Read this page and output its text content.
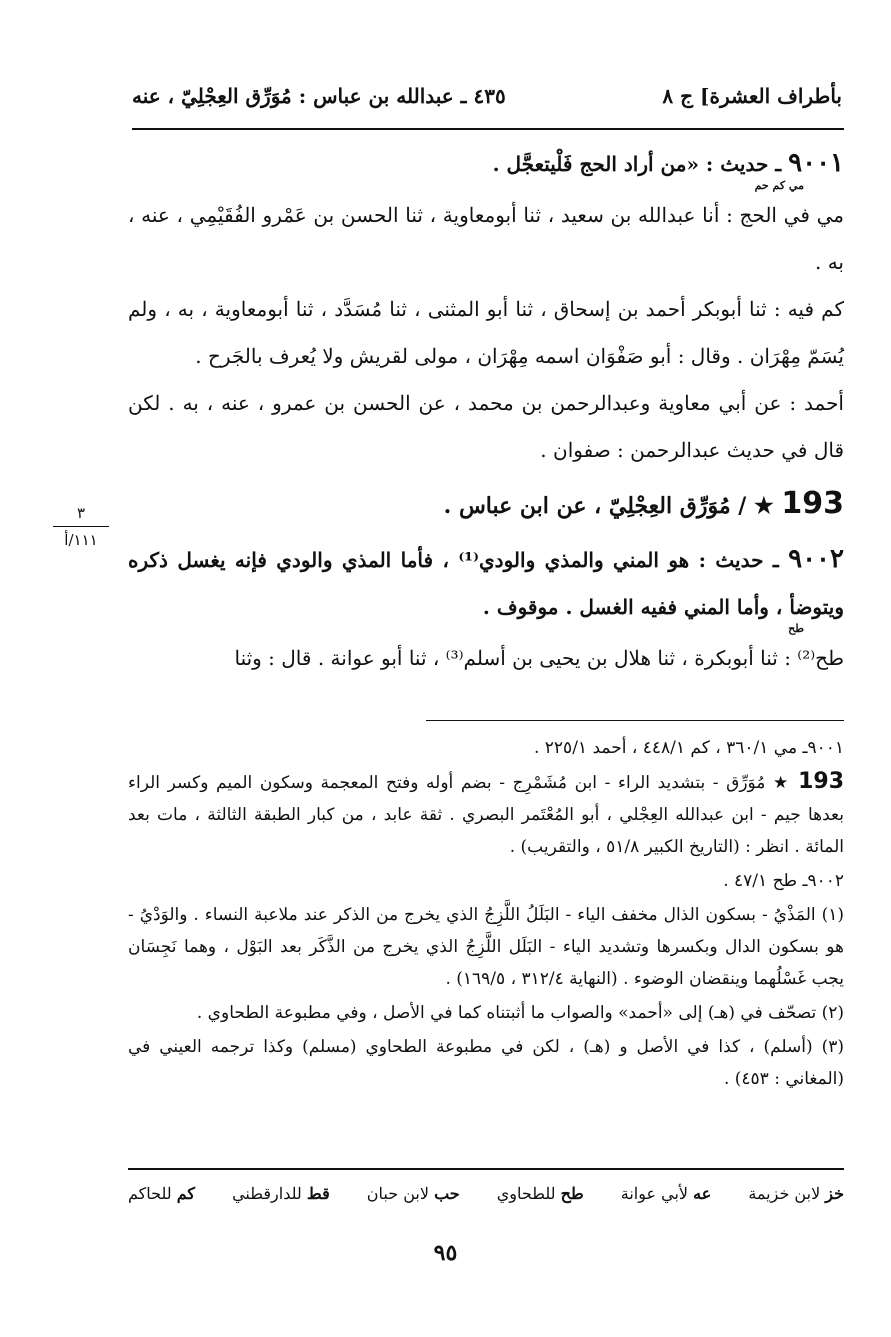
بأطراف العشرة] ج ٨
٤٣٥ ـ عبدالله بن عباس : مُوَرِّق العِجْلِيّ ، عنه

٩٠٠١ ـ حديث : «من أراد الحج فَلْيتعجَّل .
مي كم حم

مي في الحج : أنا عبدالله بن سعيد ، ثنا أبومعاوية ، ثنا الحسن بن عَمْرو الفُقَيْمِي ، عنه ، به .

كم فيه : ثنا أبوبكر أحمد بن إسحاق ، ثنا أبو المثنى ، ثنا مُسَدَّد ، ثنا أبومعاوية ، به ، ولم يُسَمّ مِهْرَان . وقال : أبو صَفْوَان اسمه مِهْرَان ، مولى لقريش ولا يُعرف بالجَرح .

أحمد : عن أبي معاوية وعبدالرحمن بن محمد ، عن الحسن بن عمرو ، عنه ، به . لكن قال في حديث عبدالرحمن : صفوان .

193 ★ / مُوَرِّق العِجْلِيّ ، عن ابن عباس .

٩٠٠٢ ـ حديث : هو المني والمذي والودي⁽¹⁾ ، فأما المذي والودي فإنه يغسل ذكره ويتوضأ ، وأما المني ففيه الغسل . موقوف .
طح

طح⁽²⁾ : ثنا أبوبكرة ، ثنا هلال بن يحيى بن أسلم⁽³⁾ ، ثنا أبو عوانة . قال : وثنا

٣
١١١/أ

٩٠٠١ـ مي ٣٦٠/١ ، كم ٤٤٨/١ ، أحمد ٢٢٥/١ .

193 ★ مُوَرِّق - بتشديد الراء - ابن مُشَمْرِج - بضم أوله وفتح المعجمة وسكون الميم وكسر الراء بعدها جيم - ابن عبدالله العِجْلي ، أبو المُعْتَمر البصري . ثقة عابد ، من كبار الطبقة الثالثة ، مات بعد المائة . انظر : (التاريخ الكبير ٥١/٨ ، والتقريب) .

٩٠٠٢ـ طح ٤٧/١ .

(١) المَذْيُ - بسكون الذال مخفف الياء - البَلَلُ اللَّزِجُ الذي يخرج من الذكر عند ملاعبة النساء . والوَدْيُ - هو بسكون الدال وبكسرها وتشديد الياء - البَلَل اللَّزِجُ الذي يخرج من الذَّكَر بعد البَوْل ، وهما نَجِسَان يجب غَسْلُهما وينقضان الوضوء . (النهاية ٣١٢/٤ ، ١٦٩/٥) .

(٢) تصحّف في (هـ) إلى «أحمد» والصواب ما أثبتناه كما في الأصل ، وفي مطبوعة الطحاوي .

(٣) (أسلم) ، كذا في الأصل و (هـ) ، لكن في مطبوعة الطحاوي (مسلم) وكذا ترجمه العيني في (المغاني : ٤٥٣) .

خز لابن خزيمة
عه لأبي عوانة
طح للطحاوي
حب لابن حبان
قط للدارقطني
كم للحاكم
٩٥
